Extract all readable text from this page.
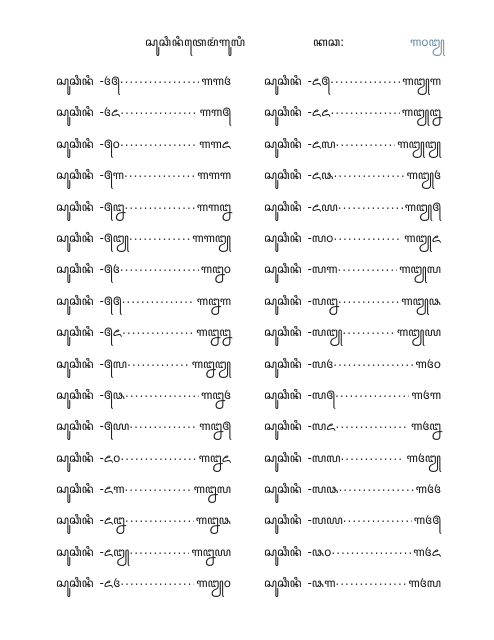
ꦱꦸꦕꦶꦤꦶꦠꦺꦩꦁꦒꦸꦭꦶ	ꦏꦕ:	꧑꧐꧓
ꦱꦸꦕꦶꦤꦶ -꧔꧕ .....	꧑꧑꧔
ꦱꦸꦕꦶꦤꦶ -꧔꧖ .....	꧑꧑꧕
ꦱꦸꦕꦶꦤꦶ -꧕꧐ .....	꧑꧑꧖
ꦱꦸꦕꦶꦤꦶ -꧕꧑ .....	꧑꧑꧑
ꦱꦸꦕꦶꦤꦶ -꧕꧒ .....	꧑꧑꧒
ꦱꦸꦕꦶꦤꦶ -꧕꧓ .....	꧑꧑꧓
ꦱꦸꦕꦶꦤꦶ -꧕꧔ .....	꧑꧒꧐
ꦱꦸꦕꦶꦤꦶ -꧕꧕ .....	꧑꧒꧑
ꦱꦸꦕꦶꦤꦶ -꧕꧖ .....	꧑꧒꧒
ꦱꦸꦕꦶꦤꦶ -꧕꧗ .....	꧑꧒꧓
ꦱꦸꦕꦶꦤꦶ -꧕꧘ .....	꧑꧒꧔
ꦱꦸꦕꦶꦤꦶ -꧕꧙ .....	꧑꧒꧕
ꦱꦸꦕꦶꦤꦶ -꧖꧐ .....	꧑꧒꧖
ꦱꦸꦕꦶꦤꦶ -꧖꧑ .....	꧑꧒꧗
ꦱꦸꦕꦶꦤꦶ -꧖꧒ .....	꧑꧒꧘
ꦱꦸꦕꦶꦤꦶ -꧖꧓ .....	꧑꧒꧙
ꦱꦸꦕꦶꦤꦶ -꧖꧔ .....	꧑꧓꧐
ꦱꦸꦕꦶꦤꦶ -꧖꧕ .....	꧑꧓꧑
ꦱꦸꦕꦶꦤꦶ -꧖꧖ .....	꧑꧓꧒
ꦱꦸꦕꦶꦤꦶ -꧖꧗ .....	꧑꧓꧓
ꦱꦸꦕꦶꦤꦶ -꧖꧘ .....	꧑꧓꧔
ꦱꦸꦕꦶꦤꦶ -꧖꧙ .....	꧑꧓꧕
ꦱꦸꦕꦶꦤꦶ -꧗꧐ .....	꧑꧓꧖
ꦱꦸꦕꦶꦤꦶ -꧗꧑ .....	꧑꧓꧗
ꦱꦸꦕꦶꦤꦶ -꧗꧒ .....	꧑꧓꧘
ꦱꦸꦕꦶꦤꦶ -꧗꧓ .....	꧑꧓꧙
ꦱꦸꦕꦶꦤꦶ -꧗꧔ .....	꧑꧔꧐
ꦱꦸꦕꦶꦤꦶ -꧗꧕ .....	꧑꧔꧑
ꦱꦸꦕꦶꦤꦶ -꧗꧖ .....	꧑꧔꧒
ꦱꦸꦕꦶꦤꦶ -꧗꧗ .....	꧑꧔꧓
ꦱꦸꦕꦶꦤꦶ -꧗꧘ .....	꧑꧔꧔
ꦱꦸꦕꦶꦤꦶ -꧗꧙ .....	꧑꧔꧕
ꦱꦸꦕꦶꦤꦶ -꧘꧐ .....	꧑꧔꧖
ꦱꦸꦕꦶꦤꦶ -꧘꧑ .....	꧑꧔꧗
